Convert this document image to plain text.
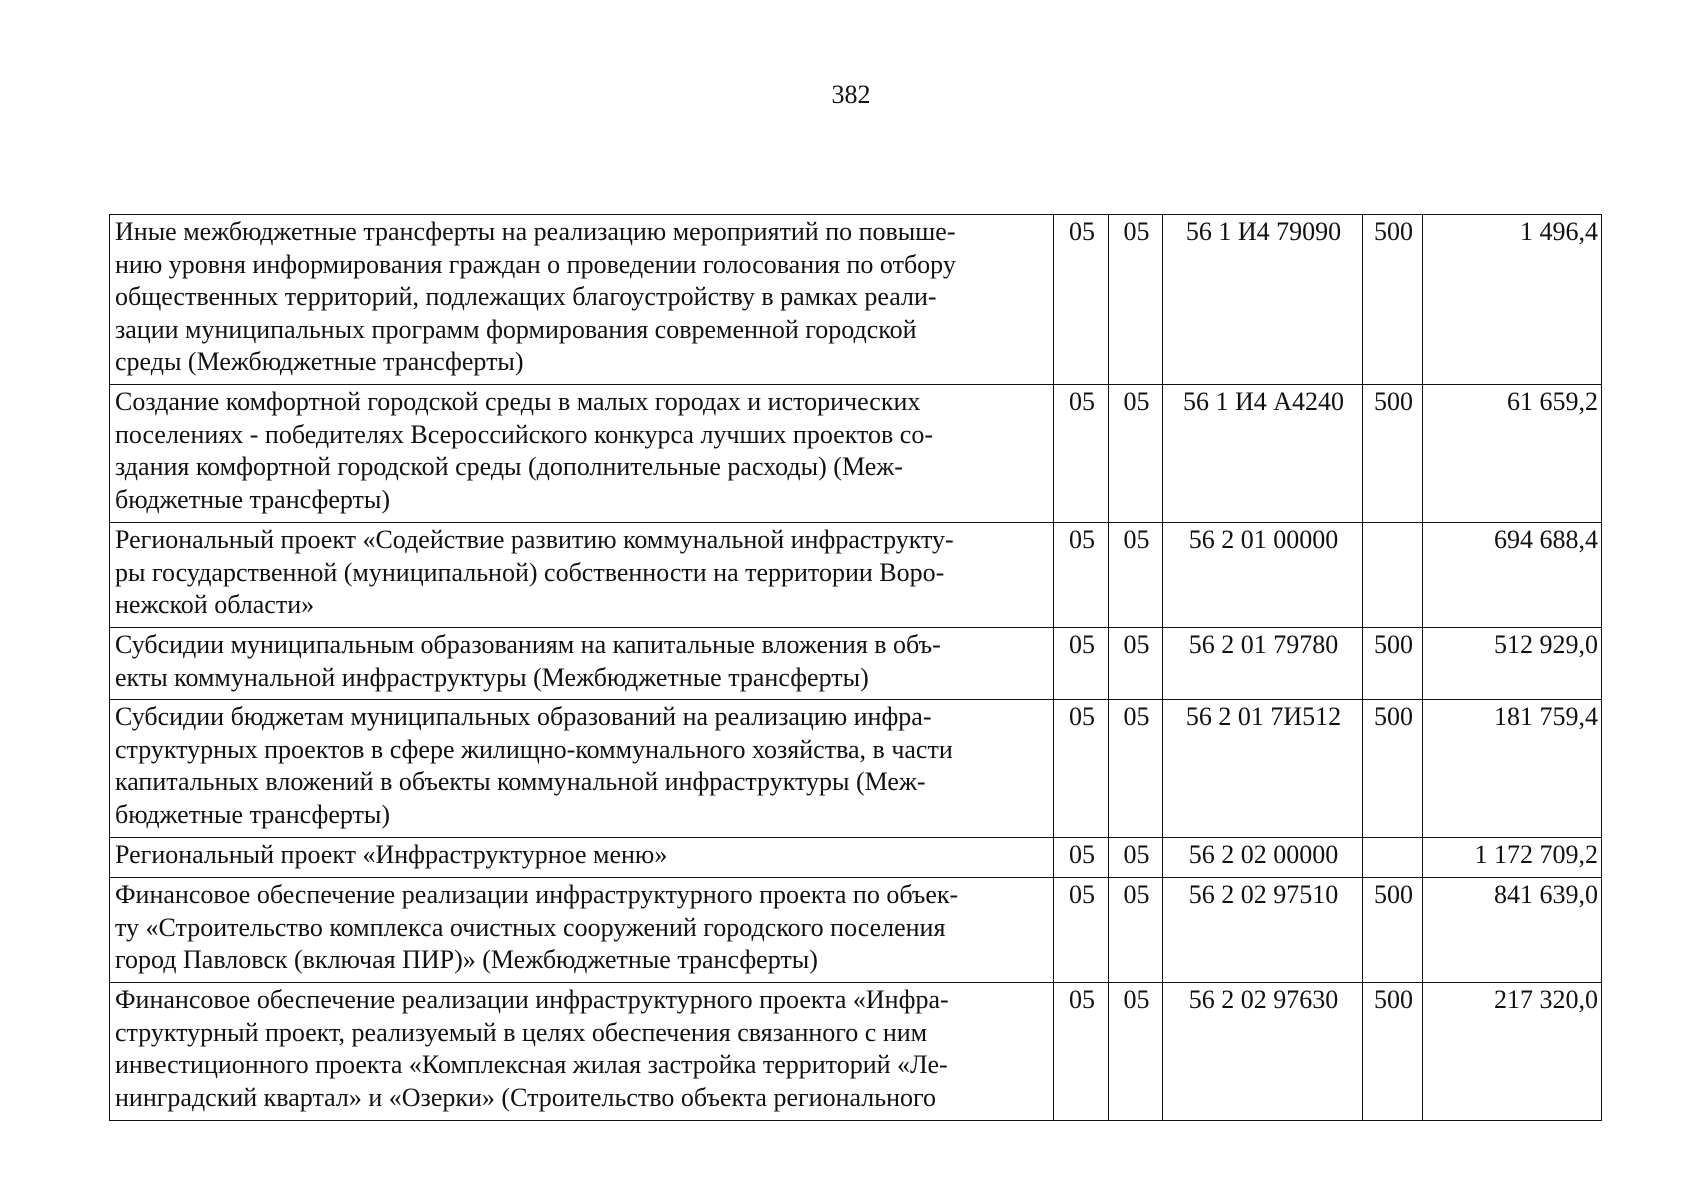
382
Иные межбюджетные трансферты на реализацию мероприятий по повыше-
нию уровня информирования граждан о проведении голосования по отбору
общественных территорий, подлежащих благоустройству в рамках реали-
зации муниципальных программ формирования современной городской
среды (Межбюджетные трансферты)	05	05	56 1 И4 79090	500	1 496,4

Создание комфортной городской среды в малых городах и исторических
поселениях - победителях Всероссийского конкурса лучших проектов со-
здания комфортной городской среды (дополнительные расходы) (Меж-
бюджетные трансферты)	05	05	56 1 И4 А4240	500	61 659,2

Региональный проект «Содействие развитию коммунальной инфраструкту-
ры государственной (муниципальной) собственности на территории Воро-
нежской области»	05	05	56 2 01 00000		694 688,4

Субсидии муниципальным образованиям на капитальные вложения в объ-
екты коммунальной инфраструктуры (Межбюджетные трансферты)	05	05	56 2 01 79780	500	512 929,0

Субсидии бюджетам муниципальных образований на реализацию инфра-
структурных проектов в сфере жилищно-коммунального хозяйства, в части
капитальных вложений в объекты коммунальной инфраструктуры (Меж-
бюджетные трансферты)	05	05	56 2 01 7И512	500	181 759,4

Региональный проект «Инфраструктурное меню»	05	05	56 2 02 00000		1 172 709,2

Финансовое обеспечение реализации инфраструктурного проекта по объек-
ту «Строительство комплекса очистных сооружений городского поселения
город Павловск (включая ПИР)» (Межбюджетные трансферты)	05	05	56 2 02 97510	500	841 639,0

Финансовое обеспечение реализации инфраструктурного проекта «Инфра-
структурный проект, реализуемый в целях обеспечения связанного с ним
инвестиционного проекта «Комплексная жилая застройка территорий «Ле-
нинградский квартал» и «Озерки» (Строительство объекта регионального	05	05	56 2 02 97630	500	217 320,0
